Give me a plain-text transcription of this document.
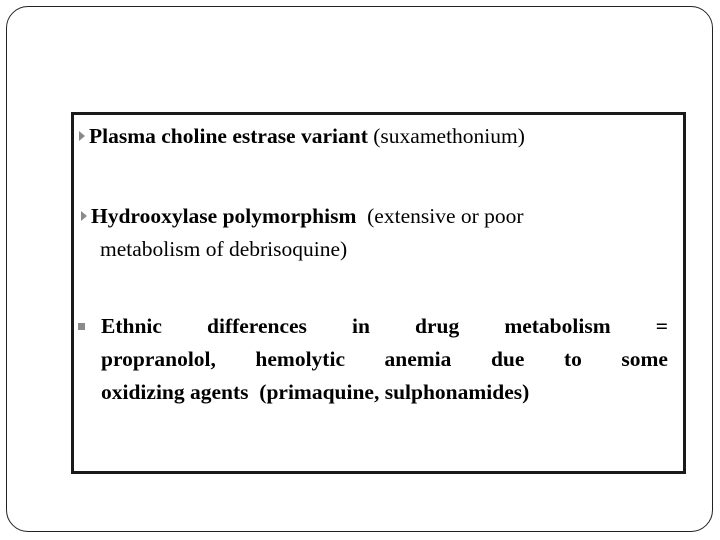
Plasma choline estrase variant (suxamethonium)
Hydrooxylase polymorphism  (extensive or poor
metabolism of debrisoquine)
Ethnic differences in drug metabolism =
propranolol, hemolytic anemia due to some
oxidizing agents  (primaquine, sulphonamides)
